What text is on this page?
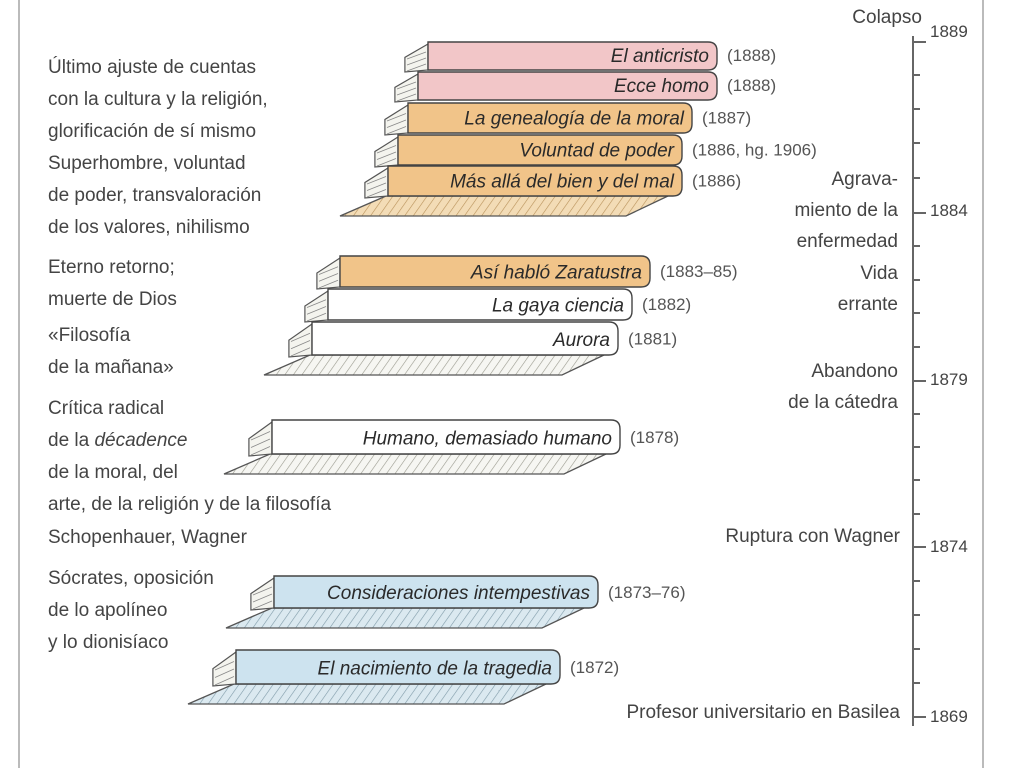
Último ajuste de cuentas
con la cultura y la religión,
glorificación de sí mismo
Superhombre, voluntad
de poder, transvaloración
de los valores, nihilismo
Eterno retorno;
muerte de Dios
«Filosofía
de la mañana»
Crítica radical
de la décadence
de la moral, del
arte, de la religión y de la filosofía
Schopenhauer, Wagner
Sócrates, oposición
de lo apolíneo
y lo dionisíaco
El anticristo (1888)
Ecce homo (1888)
La genealogía de la moral (1887)
Voluntad de poder (1886, hg. 1906)
Más allá del bien y del mal (1886)
Así habló Zaratustra (1883–85)
La gaya ciencia (1882)
Aurora (1881)
Humano, demasiado humano (1878)
Consideraciones intempestivas (1873–76)
El nacimiento de la tragedia (1872)
Colapso
Agrava-
miento de la
enfermedad
Vida
errante
Abandono
de la cátedra
Ruptura con Wagner
Profesor universitario en Basilea
1889
1884
1879
1874
1869
